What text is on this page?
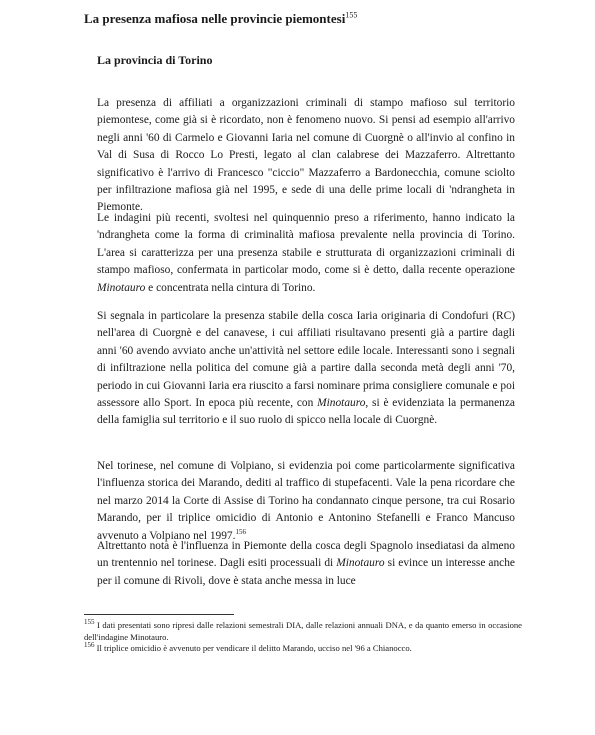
La presenza mafiosa nelle provincie piemontesi$^{155}$
La provincia di Torino

La presenza di affiliati a organizzazioni criminali di stampo mafioso sul territorio piemontese, come già si è ricordato, non è fenomeno nuovo. Si pensi ad esempio all'arrivo negli anni '60 di Carmelo e Giovanni Iaria nel comune di Cuorgnè o all'invio al confino in Val di Susa di Rocco Lo Presti, legato al clan calabrese dei Mazzaferro. Altrettanto significativo è l'arrivo di Francesco "ciccio" Mazzaferro a Bardonecchia, comune sciolto per infiltrazione mafiosa già nel 1995, e sede di una delle prime locali di 'ndrangheta in Piemonte.

Le indagini più recenti, svoltesi nel quinquennio preso a riferimento, hanno indicato la 'ndrangheta come la forma di criminalità mafiosa prevalente nella provincia di Torino. L'area si caratterizza per una presenza stabile e strutturata di organizzazioni criminali di stampo mafioso, confermata in particolar modo, come si è detto, dalla recente operazione Minotauro e concentrata nella cintura di Torino.

Si segnala in particolare la presenza stabile della cosca Iaria originaria di Condofuri (RC) nell'area di Cuorgnè e del canavese, i cui affiliati risultavano presenti già a partire dagli anni '60 avendo avviato anche un'attività nel settore edile locale. Interessanti sono i segnali di infiltrazione nella politica del comune già a partire dalla seconda metà degli anni '70, periodo in cui Giovanni Iaria era riuscito a farsi nominare prima consigliere comunale e poi assessore allo Sport. In epoca più recente, con Minotauro, si è evidenziata la permanenza della famiglia sul territorio e il suo ruolo di spicco nella locale di Cuorgnè.

Nel torinese, nel comune di Volpiano, si evidenzia poi come particolarmente significativa l'influenza storica dei Marando, dediti al traffico di stupefacenti. Vale la pena ricordare che nel marzo 2014 la Corte di Assise di Torino ha condannato cinque persone, tra cui Rosario Marando, per il triplice omicidio di Antonio e Antonino Stefanelli e Franco Mancuso avvenuto a Volpiano nel 1997.$^{156}$

Altrettanto nota è l'influenza in Piemonte della cosca degli Spagnolo insediatasi da almeno un trentennio nel torinese. Dagli esiti processuali di Minotauro si evince un interesse anche per il comune di Rivoli, dove è stata anche messa in luce

$^{155}$ I dati presentati sono ripresi dalle relazioni semestrali DIA, dalle relazioni annuali DNA, e da quanto emerso in occasione dell'indagine Minotauro.

$^{156}$ Il triplice omicidio è avvenuto per vendicare il delitto Marando, ucciso nel '96 a Chianocco.
